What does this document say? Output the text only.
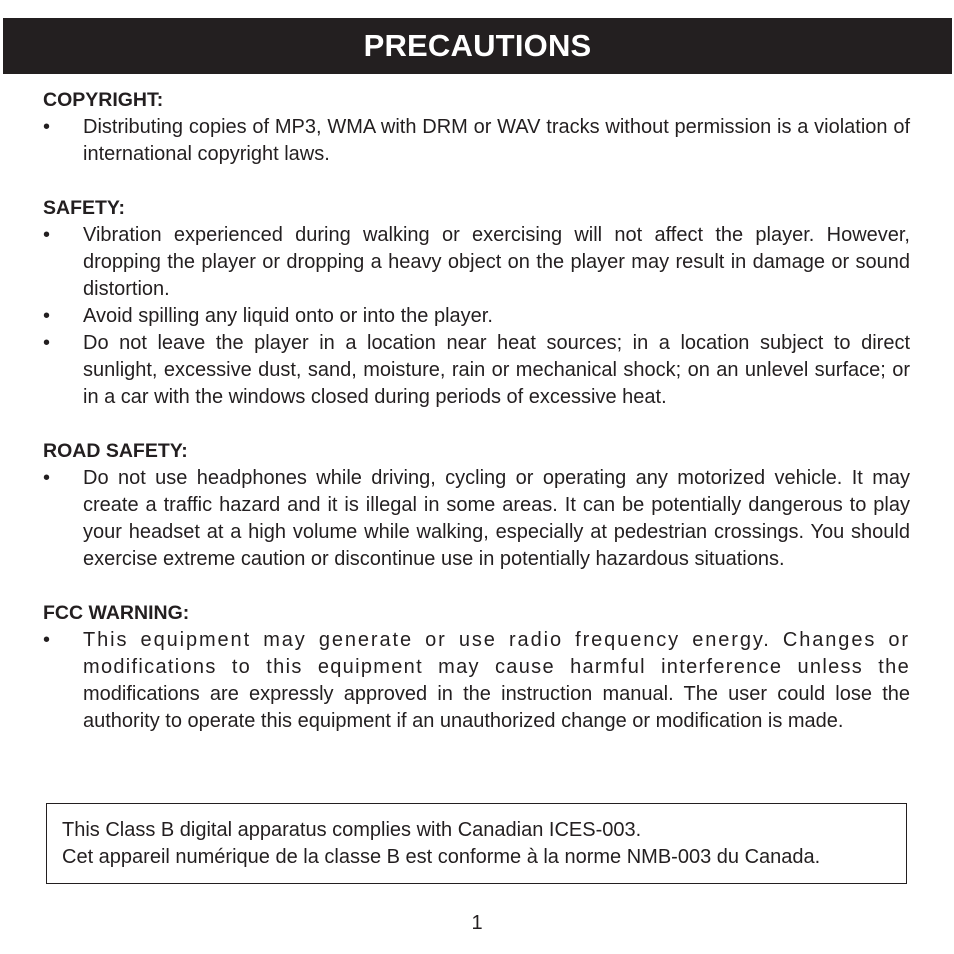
PRECAUTIONS
COPYRIGHT:
• Distributing copies of MP3, WMA with DRM or WAV tracks without permission is a violation of international copyright laws.
SAFETY:
• Vibration experienced during walking or exercising will not affect the player. However, dropping the player or dropping a heavy object on the player may result in damage or sound distortion.
• Avoid spilling any liquid onto or into the player.
• Do not leave the player in a location near heat sources; in a location subject to direct sunlight, excessive dust, sand, moisture, rain or mechanical shock; on an unlevel surface; or in a car with the windows closed during periods of excessive heat.
ROAD SAFETY:
• Do not use headphones while driving, cycling or operating any motorized vehicle. It may create a traffic hazard and it is illegal in some areas. It can be potentially dangerous to play your headset at a high volume while walking, especially at pedestrian crossings. You should exercise extreme caution or discontinue use in potentially hazardous situations.
FCC WARNING:
• This equipment may generate or use radio frequency energy. Changes or modifications to this equipment may cause harmful interference unless the modifications are expressly approved in the instruction manual. The user could lose the authority to operate this equipment if an unauthorized change or modification is made.
This Class B digital apparatus complies with Canadian ICES-003.
Cet appareil numérique de la classe B est conforme à la norme NMB-003 du Canada.
1
